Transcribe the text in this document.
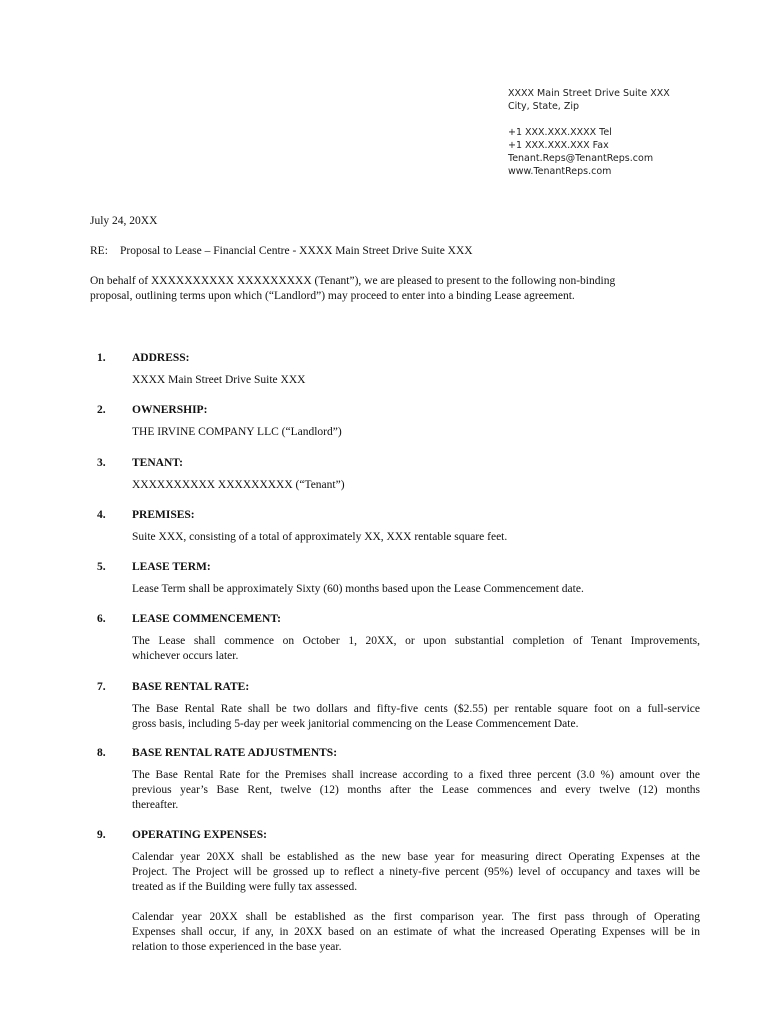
XXXX Main Street Drive Suite XXX
City, State, Zip
+1 XXX.XXX.XXXX Tel
+1 XXX.XXX.XXX Fax
Tenant.Reps@TenantReps.com
www.TenantReps.com
July 24, 20XX
RE: Proposal to Lease – Financial Centre - XXXX Main Street Drive Suite XXX
On behalf of XXXXXXXXXX XXXXXXXXX (Tenant”), we are pleased to present to the following non-binding
proposal, outlining terms upon which (“Landlord”) may proceed to enter into a binding Lease agreement.
1. ADDRESS:
XXXX Main Street Drive Suite XXX
2. OWNERSHIP:
THE IRVINE COMPANY LLC (“Landlord”)
3. TENANT:
XXXXXXXXXX XXXXXXXXX (“Tenant”)
4. PREMISES:
Suite XXX, consisting of a total of approximately XX, XXX rentable square feet.
5. LEASE TERM:
Lease Term shall be approximately Sixty (60) months based upon the Lease Commencement date.
6. LEASE COMMENCEMENT:
The Lease shall commence on October 1, 20XX, or upon substantial completion of Tenant Improvements,
whichever occurs later.
7. BASE RENTAL RATE:
The Base Rental Rate shall be two dollars and fifty-five cents ($2.55) per rentable square foot on a full-service
gross basis, including 5-day per week janitorial commencing on the Lease Commencement Date.
8. BASE RENTAL RATE ADJUSTMENTS:
The Base Rental Rate for the Premises shall increase according to a fixed three percent (3.0 %) amount over the
previous year’s Base Rent, twelve (12) months after the Lease commences and every twelve (12) months
thereafter.
9. OPERATING EXPENSES:
Calendar year 20XX shall be established as the new base year for measuring direct Operating Expenses at the
Project. The Project will be grossed up to reflect a ninety-five percent (95%) level of occupancy and taxes will be
treated as if the Building were fully tax assessed.
Calendar year 20XX shall be established as the first comparison year. The first pass through of Operating
Expenses shall occur, if any, in 20XX based on an estimate of what the increased Operating Expenses will be in
relation to those experienced in the base year.
